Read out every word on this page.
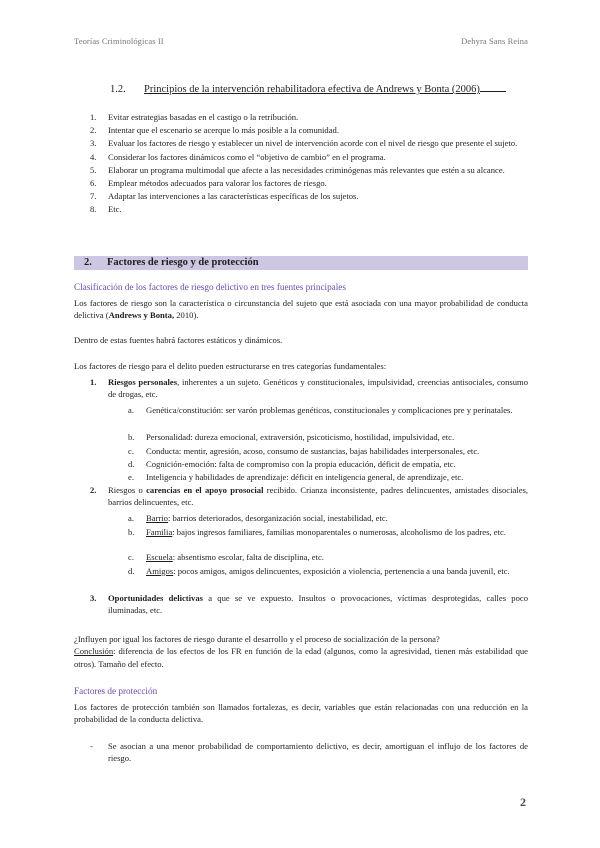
Teorías Criminológicas II	Dehyra Sans Reina
1.2. Principios de la intervención rehabilitadora efectiva de Andrews y Bonta (2006)
1. Evitar estrategias basadas en el castigo o la retribución.
2. Intentar que el escenario se acerque lo más posible a la comunidad.
3. Evaluar los factores de riesgo y establecer un nivel de intervención acorde con el nivel de riesgo que presente el sujeto.
4. Considerar los factores dinámicos como el “objetivo de cambio” en el programa.
5. Elaborar un programa multimodal que afecte a las necesidades criminógenas más relevantes que estén a su alcance.
6. Emplear métodos adecuados para valorar los factores de riesgo.
7. Adaptar las intervenciones a las características específicas de los sujetos.
8. Etc.
2. Factores de riesgo y de protección
Clasificación de los factores de riesgo delictivo en tres fuentes principales
Los factores de riesgo son la característica o circunstancia del sujeto que está asociada con una mayor probabilidad de conducta delictiva (Andrews y Bonta, 2010).
Dentro de estas fuentes habrá factores estáticos y dinámicos.
Los factores de riesgo para el delito pueden estructurarse en tres categorías fundamentales:
1. Riesgos personales, inherentes a un sujeto. Genéticos y constitucionales, impulsividad, creencias antisociales, consumo de drogas, etc.
a. Genética/constitución: ser varón problemas genéticos, constitucionales y complicaciones pre y perinatales.
b. Personalidad: dureza emocional, extraversión, psicoticismo, hostilidad, impulsividad, etc.
c. Conducta: mentir, agresión, acoso, consumo de sustancias, bajas habilidades interpersonales, etc.
d. Cognición-emoción: falta de compromiso con la propia educación, déficit de empatía, etc.
e. Inteligencia y habilidades de aprendizaje: déficit en inteligencia general, de aprendizaje, etc.
2. Riesgos o carencias en el apoyo prosocial recibido. Crianza inconsistente, padres delincuentes, amistades disociales, barrios delincuentes, etc.
a. Barrio: barrios deteriorados, desorganización social, inestabilidad, etc.
b. Familia: bajos ingresos familiares, familias monoparentales o numerosas, alcoholismo de los padres, etc.
c. Escuela: absentismo escolar, falta de disciplina, etc.
d. Amigos: pocos amigos, amigos delincuentes, exposición a violencia, pertenencia a una banda juvenil, etc.
3. Oportunidades delictivas a que se ve expuesto. Insultos o provocaciones, víctimas desprotegidas, calles poco iluminadas, etc.
¿Influyen por igual los factores de riesgo durante el desarrollo y el proceso de socialización de la persona?
Conclusión: diferencia de los efectos de los FR en función de la edad (algunos, como la agresividad, tienen más estabilidad que otros). Tamaño del efecto.
Factores de protección
Los factores de protección también son llamados fortalezas, es decir, variables que están relacionadas con una reducción en la probabilidad de la conducta delictiva.
- Se asocian a una menor probabilidad de comportamiento delictivo, es decir, amortiguan el influjo de los factores de riesgo.
2
